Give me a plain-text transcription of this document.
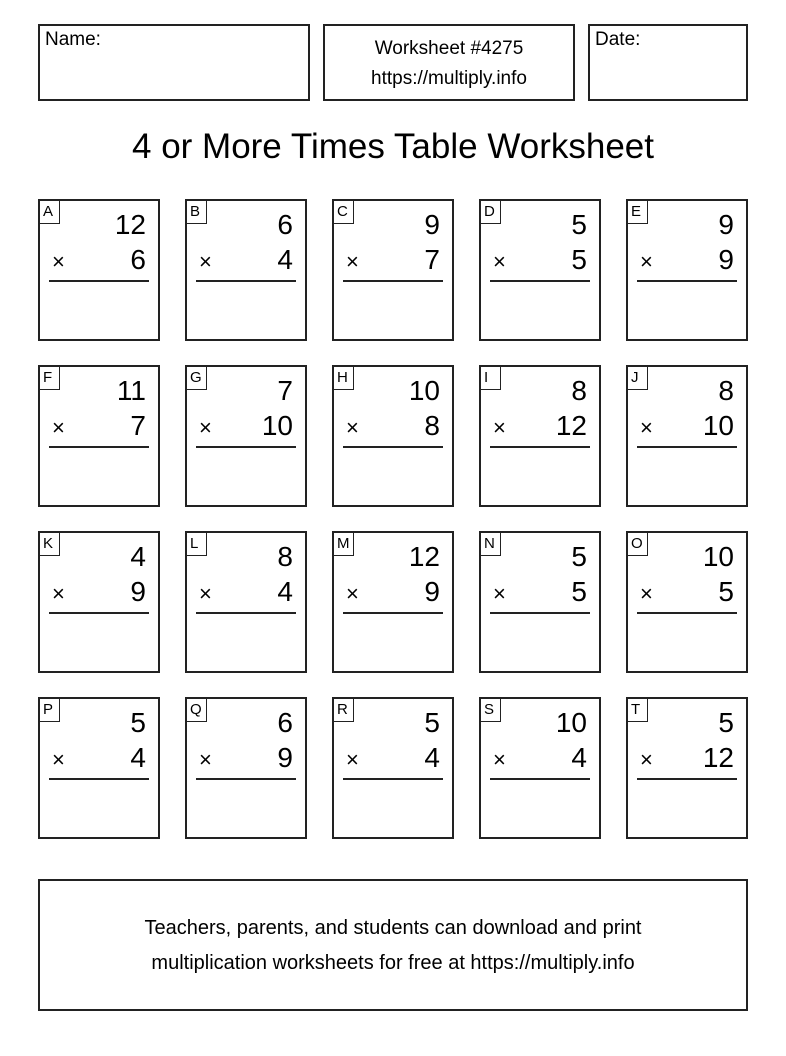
Name:	Worksheet #4275
https://multiply.info
Date:
4 or More Times Table Worksheet
A 12
× 6
B	6
× 4
C	9
× 7
D	5
× 5
E	9
× 9
F 11
× 7
G	7
× 10
H 10
× 8
I	8
× 12
J	8
× 10
K	4
× 9
L	8
× 4
M 12
× 9
N	5
× 5
O 10
× 5
P	5
× 4
Q	6
× 9
R	5
× 4
S 10
× 4
T	5
× 12
Teachers, parents, and students can download and print
multiplication worksheets for free at https://multiply.info
